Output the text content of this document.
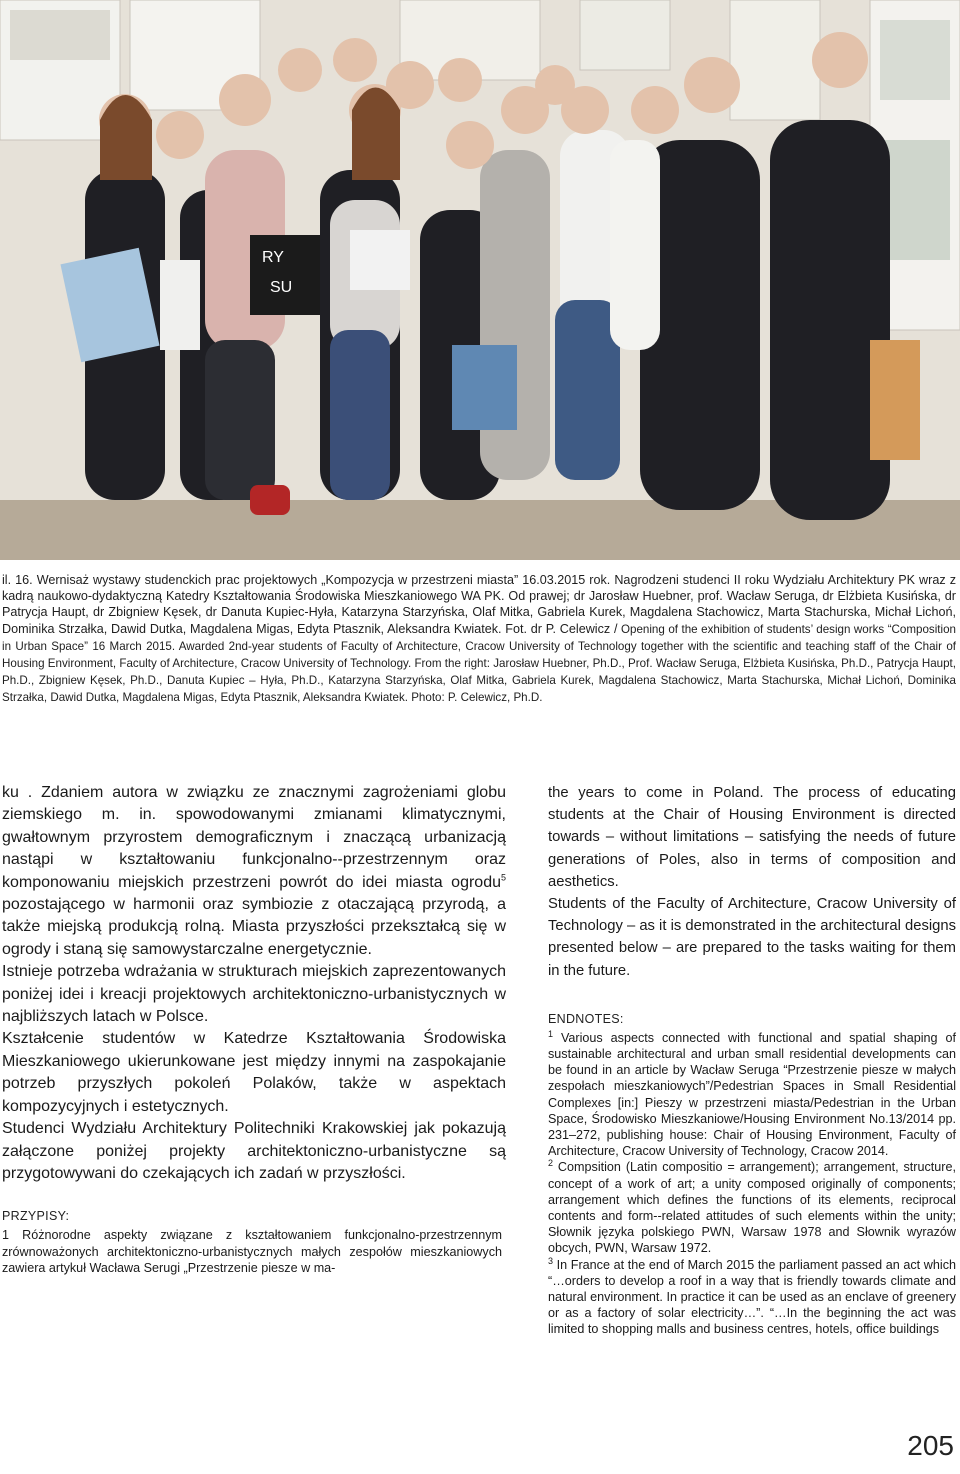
RY
SU
il. 16. Wernisaż wystawy studenckich prac projektowych „Kompozycja w przestrzeni miasta” 16.03.2015 rok. Nagrodzeni studenci II roku Wydziału Architektury PK wraz z kadrą naukowo-dydaktyczną Katedry Kształtowania Środowiska Mieszkaniowego WA PK. Od prawej; dr Jarosław Huebner, prof. Wacław Seruga, dr Elżbieta Kusińska, dr Patrycja Haupt, dr Zbigniew Kęsek, dr Danuta Kupiec-Hyła, Katarzyna Starzyńska, Olaf Mitka, Gabriela Kurek, Magdalena Stachowicz, Marta Stachurska, Michał Lichoń, Dominika Strzałka, Dawid Dutka, Magdalena Migas, Edyta Ptasznik, Aleksandra Kwiatek. Fot. dr P. Celewicz / Opening of the exhibition of students’ design works “Composition in Urban Space” 16 March 2015. Awarded 2nd-year students of Faculty of Architecture, Cracow University of Technology together with the scientific and teaching staff of the Chair of Housing Environment, Faculty of Architecture, Cracow University of Technology. From the right: Jarosław Huebner, Ph.D., Prof. Wacław Seruga, Elżbieta Kusińska, Ph.D., Patrycja Haupt, Ph.D., Zbigniew Kęsek, Ph.D., Danuta Kupiec – Hyła, Ph.D., Katarzyna Starzyńska, Olaf Mitka, Gabriela Kurek, Magdalena Stachowicz, Marta Stachurska, Michał Lichoń, Dominika Strzałka, Dawid Dutka, Magdalena Migas, Edyta Ptasznik, Aleksandra Kwiatek. Photo: P. Celewicz, Ph.D.

ku . Zdaniem autora w związku ze znacznymi zagrożeniami globu ziemskiego m. in. spowodowanymi zmianami klimatycznymi, gwałtownym przyrostem demograficznym i znaczącą urbanizacją nastąpi w kształtowaniu funkcjonalno--przestrzennym oraz komponowaniu miejskich przestrzeni powrót do idei miasta ogrodu$^5$ pozostającego w harmonii oraz symbiozie z otaczającą przyrodą, a także miejską produkcją rolną. Miasta przyszłości przekształcą się w ogrody i staną się samowystarczalne energetycznie.

Istnieje potrzeba wdrażania w strukturach miejskich zaprezentowanych poniżej idei i kreacji projektowych architektoniczno-urbanistycznych w najbliższych latach w Polsce.

Kształcenie studentów w Katedrze Kształtowania Środowiska Mieszkaniowego ukierunkowane jest między innymi na zaspokajanie potrzeb przyszłych pokoleń Polaków, także w aspektach kompozycyjnych i estetycznych.

Studenci Wydziału Architektury Politechniki Krakowskiej jak pokazują załączone poniżej projekty architektoniczno-urbanistyczne są przygotowywani do czekających ich zadań w przyszłości.

PRZYPISY:

1 Różnorodne aspekty związane z kształtowaniem funkcjonalno-przestrzennym zrównoważonych architektoniczno-urbanistycznych małych zespołów mieszkaniowych zawiera artykuł Wacława Serugi „Przestrzenie piesze w ma-

the years to come in Poland. The process of educating students at the Chair of Housing Environment is directed towards – without limitations – satisfying the needs of future generations of Poles, also in terms of composition and aesthetics.

Students of the Faculty of Architecture, Cracow University of Technology – as it is demonstrated in the architectural designs presented below – are prepared to the tasks waiting for them in the future.

ENDNOTES:

$^1$ Various aspects connected with functional and spatial shaping of sustainable architectural and urban small residential developments can be found in an article by Wacław Seruga “Przestrzenie piesze w małych zespołach mieszkaniowych”/Pedestrian Spaces in Small Residential Complexes [in:] Pieszy w przestrzeni miasta/Pedestrian in the Urban Space, Środowisko Mieszkaniowe/Housing Environment No.13/2014 pp. 231–272, publishing house: Chair of Housing Environment, Faculty of Architecture, Cracow University of Technology, Cracow 2014.

$^2$ Compsition (Latin compositio = arrangement); arrangement, structure, concept of a work of art; a unity composed originally of components; arrangement which defines the functions of its elements, reciprocal contents and form--related attitudes of such elements within the unity; Słownik języka polskiego PWN, Warsaw 1978 and Słownik wyrazów obcych, PWN, Warsaw 1972.

$^3$ In France at the end of March 2015 the parliament passed an act which “…orders to develop a roof in a way that is friendly towards climate and natural environment. In practice it can be used as an enclave of greenery or as a factory of solar electricity…”. “…In the beginning the act was limited to shopping malls and business centres, hotels, office buildings

205
